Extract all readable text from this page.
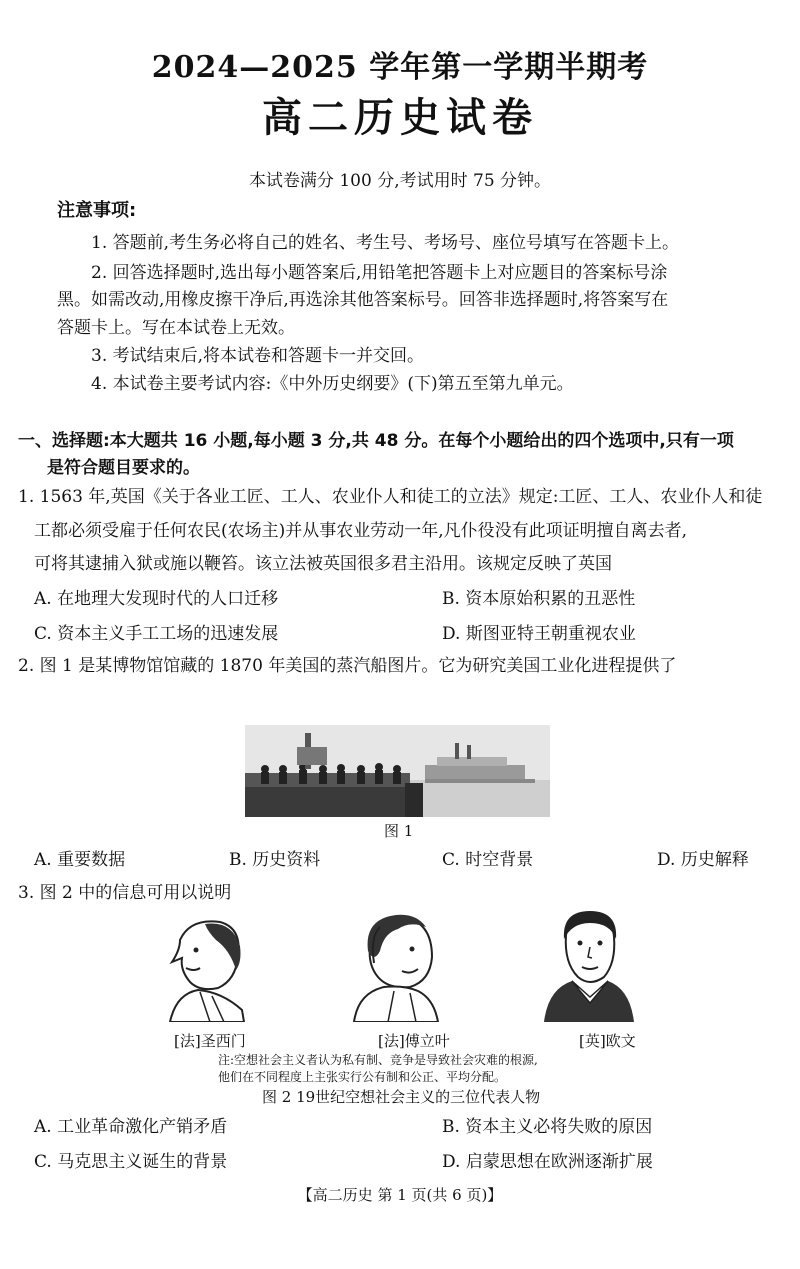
2024—2025 学年第一学期半期考
高二历史试卷
本试卷满分 100 分,考试用时 75 分钟。
注意事项:
1. 答题前,考生务必将自己的姓名、考生号、考场号、座位号填写在答题卡上。
2. 回答选择题时,选出每小题答案后,用铅笔把答题卡上对应题目的答案标号涂
黑。如需改动,用橡皮擦干净后,再选涂其他答案标号。回答非选择题时,将答案写在
答题卡上。写在本试卷上无效。
3. 考试结束后,将本试卷和答题卡一并交回。
4. 本试卷主要考试内容:《中外历史纲要》(下)第五至第九单元。
一、选择题:本大题共 16 小题,每小题 3 分,共 48 分。在每个小题给出的四个选项中,只有一项
是符合题目要求的。
1. 1563 年,英国《关于各业工匠、工人、农业仆人和徒工的立法》规定:工匠、工人、农业仆人和徒
工都必须受雇于任何农民(农场主)并从事农业劳动一年,凡仆役没有此项证明擅自离去者,
可将其逮捕入狱或施以鞭笞。该立法被英国很多君主沿用。该规定反映了英国
A. 在地理大发现时代的人口迁移	B. 资本原始积累的丑恶性
C. 资本主义手工工场的迅速发展	D. 斯图亚特王朝重视农业
2. 图 1 是某博物馆馆藏的 1870 年美国的蒸汽船图片。它为研究美国工业化进程提供了
图 1
A. 重要数据	B. 历史资料	C. 时空背景	D. 历史解释
3. 图 2 中的信息可用以说明
[法]圣西门	[法]傅立叶	[英]欧文
注:空想社会主义者认为私有制、竞争是导致社会灾难的根源,
他们在不同程度上主张实行公有制和公正、平均分配。
图 2 19世纪空想社会主义的三位代表人物
A. 工业革命激化产销矛盾	B. 资本主义必将失败的原因
C. 马克思主义诞生的背景	D. 启蒙思想在欧洲逐渐扩展
【高二历史 第 1 页(共 6 页)】
